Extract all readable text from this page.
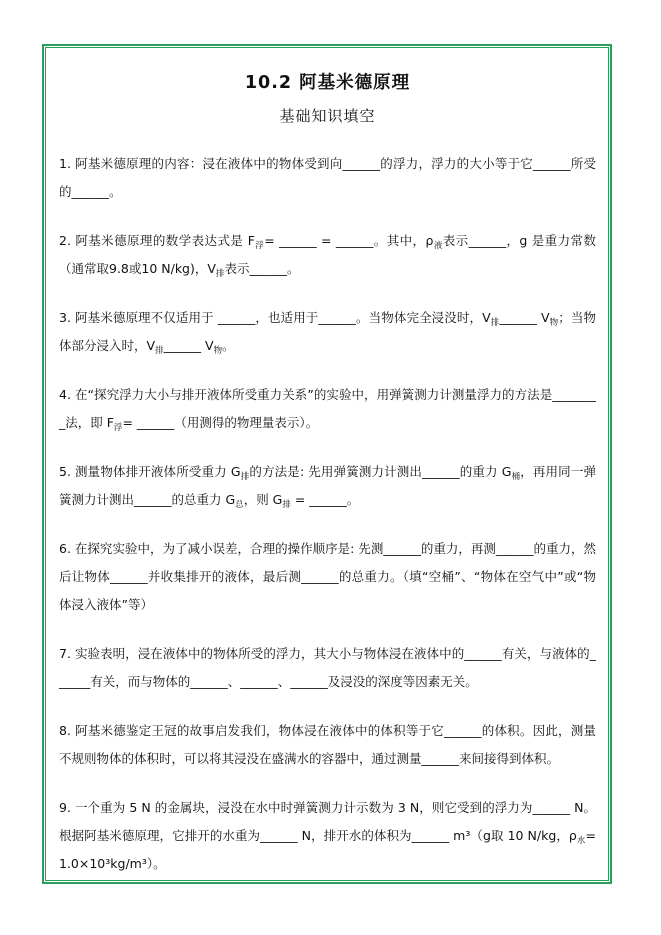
10.2 阿基米德原理
基础知识填空

1. 阿基米德原理的内容：浸在液体中的物体受到向______的浮力，浮力的大小等于它______所受的______。

2. 阿基米德原理的数学表达式是 $F_浮=$ ______ = ______。其中，$\rho_液$表示______，g 是重力常数（通常取9.8或10 N/kg)，$V_排$表示______。

3. 阿基米德原理不仅适用于 ______，也适用于______。当物体完全浸没时，$V_排\_\_\_\_\_\_$ $V_物$；当物体部分浸入时，$V_排\_\_\_\_\_\_$ $V_物$。

4. 在“探究浮力大小与排开液体所受重力关系”的实验中，用弹簧测力计测量浮力的方法是________法，即 $F_浮=$ ______（用测得的物理量表示）。

5. 测量物体排开液体所受重力 $G_排$的方法是: 先用弹簧测力计测出______的重力 $G_桶$，再用同一弹簧测力计测出______的总重力 $G_总$，则 $G_排$ = ______。

6. 在探究实验中，为了减小误差，合理的操作顺序是: 先测______的重力，再测______的重力，然后让物体______并收集排开的液体，最后测______的总重力。（填“空桶”、“物体在空气中”或“物体浸入液体”等）

7. 实验表明，浸在液体中的物体所受的浮力，其大小与物体浸在液体中的______有关，与液体的______有关，而与物体的______、______、______及浸没的深度等因素无关。

8. 阿基米德鉴定王冠的故事启发我们，物体浸在液体中的体积等于它______的体积。因此，测量不规则物体的体积时，可以将其浸没在盛满水的容器中，通过测量______来间接得到体积。

9. 一个重为 5 N 的金属块，浸没在水中时弹簧测力计示数为 3 N，则它受到的浮力为______ N。根据阿基米德原理，它排开的水重为______ N，排开水的体积为______ m³（g取 10 N/kg，$\rho_水=1.0\times 10^3kg/m^3$）。
